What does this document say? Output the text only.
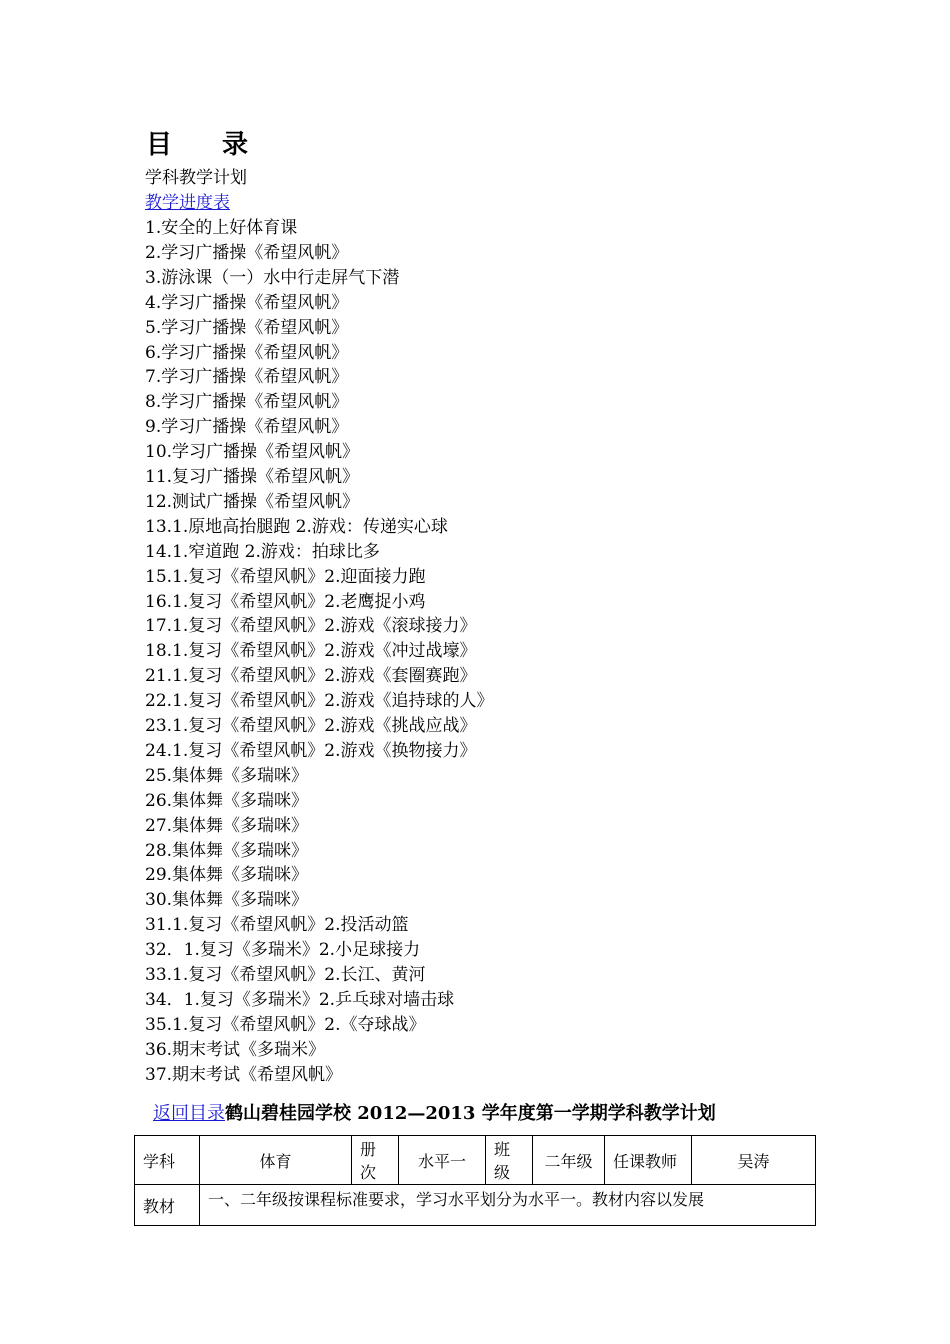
目 录
学科教学计划
教学进度表
1.安全的上好体育课
2.学习广播操《希望风帆》
3.游泳课（一）水中行走屏气下潜
4.学习广播操《希望风帆》
5.学习广播操《希望风帆》
6.学习广播操《希望风帆》
7.学习广播操《希望风帆》
8.学习广播操《希望风帆》
9.学习广播操《希望风帆》
10.学习广播操《希望风帆》
11.复习广播操《希望风帆》
12.测试广播操《希望风帆》
13.1.原地高抬腿跑 2.游戏：传递实心球
14.1.窄道跑 2.游戏：拍球比多
15.1.复习《希望风帆》2.迎面接力跑
16.1.复习《希望风帆》2.老鹰捉小鸡
17.1.复习《希望风帆》2.游戏《滚球接力》
18.1.复习《希望风帆》2.游戏《冲过战壕》
21.1.复习《希望风帆》2.游戏《套圈赛跑》
22.1.复习《希望风帆》2.游戏《追持球的人》
23.1.复习《希望风帆》2.游戏《挑战应战》
24.1.复习《希望风帆》2.游戏《换物接力》
25.集体舞《多瑞咪》
26.集体舞《多瑞咪》
27.集体舞《多瑞咪》
28.集体舞《多瑞咪》
29.集体舞《多瑞咪》
30.集体舞《多瑞咪》
31.1.复习《希望风帆》2.投活动篮
32．1.复习《多瑞米》2.小足球接力
33.1.复习《希望风帆》2.长江、黄河
34．1.复习《多瑞米》2.乒乓球对墙击球
35.1.复习《希望风帆》2.《夺球战》
36.期末考试《多瑞米》
37.期末考试《希望风帆》
返回目录鹤山碧桂园学校 2012—2013 学年度第一学期学科教学计划
学科	体育	册次	水平一	班级	二年级	任课教师	吴涛
教材	一、二年级按课程标准要求，学习水平划分为水平一。教材内容以发展						
